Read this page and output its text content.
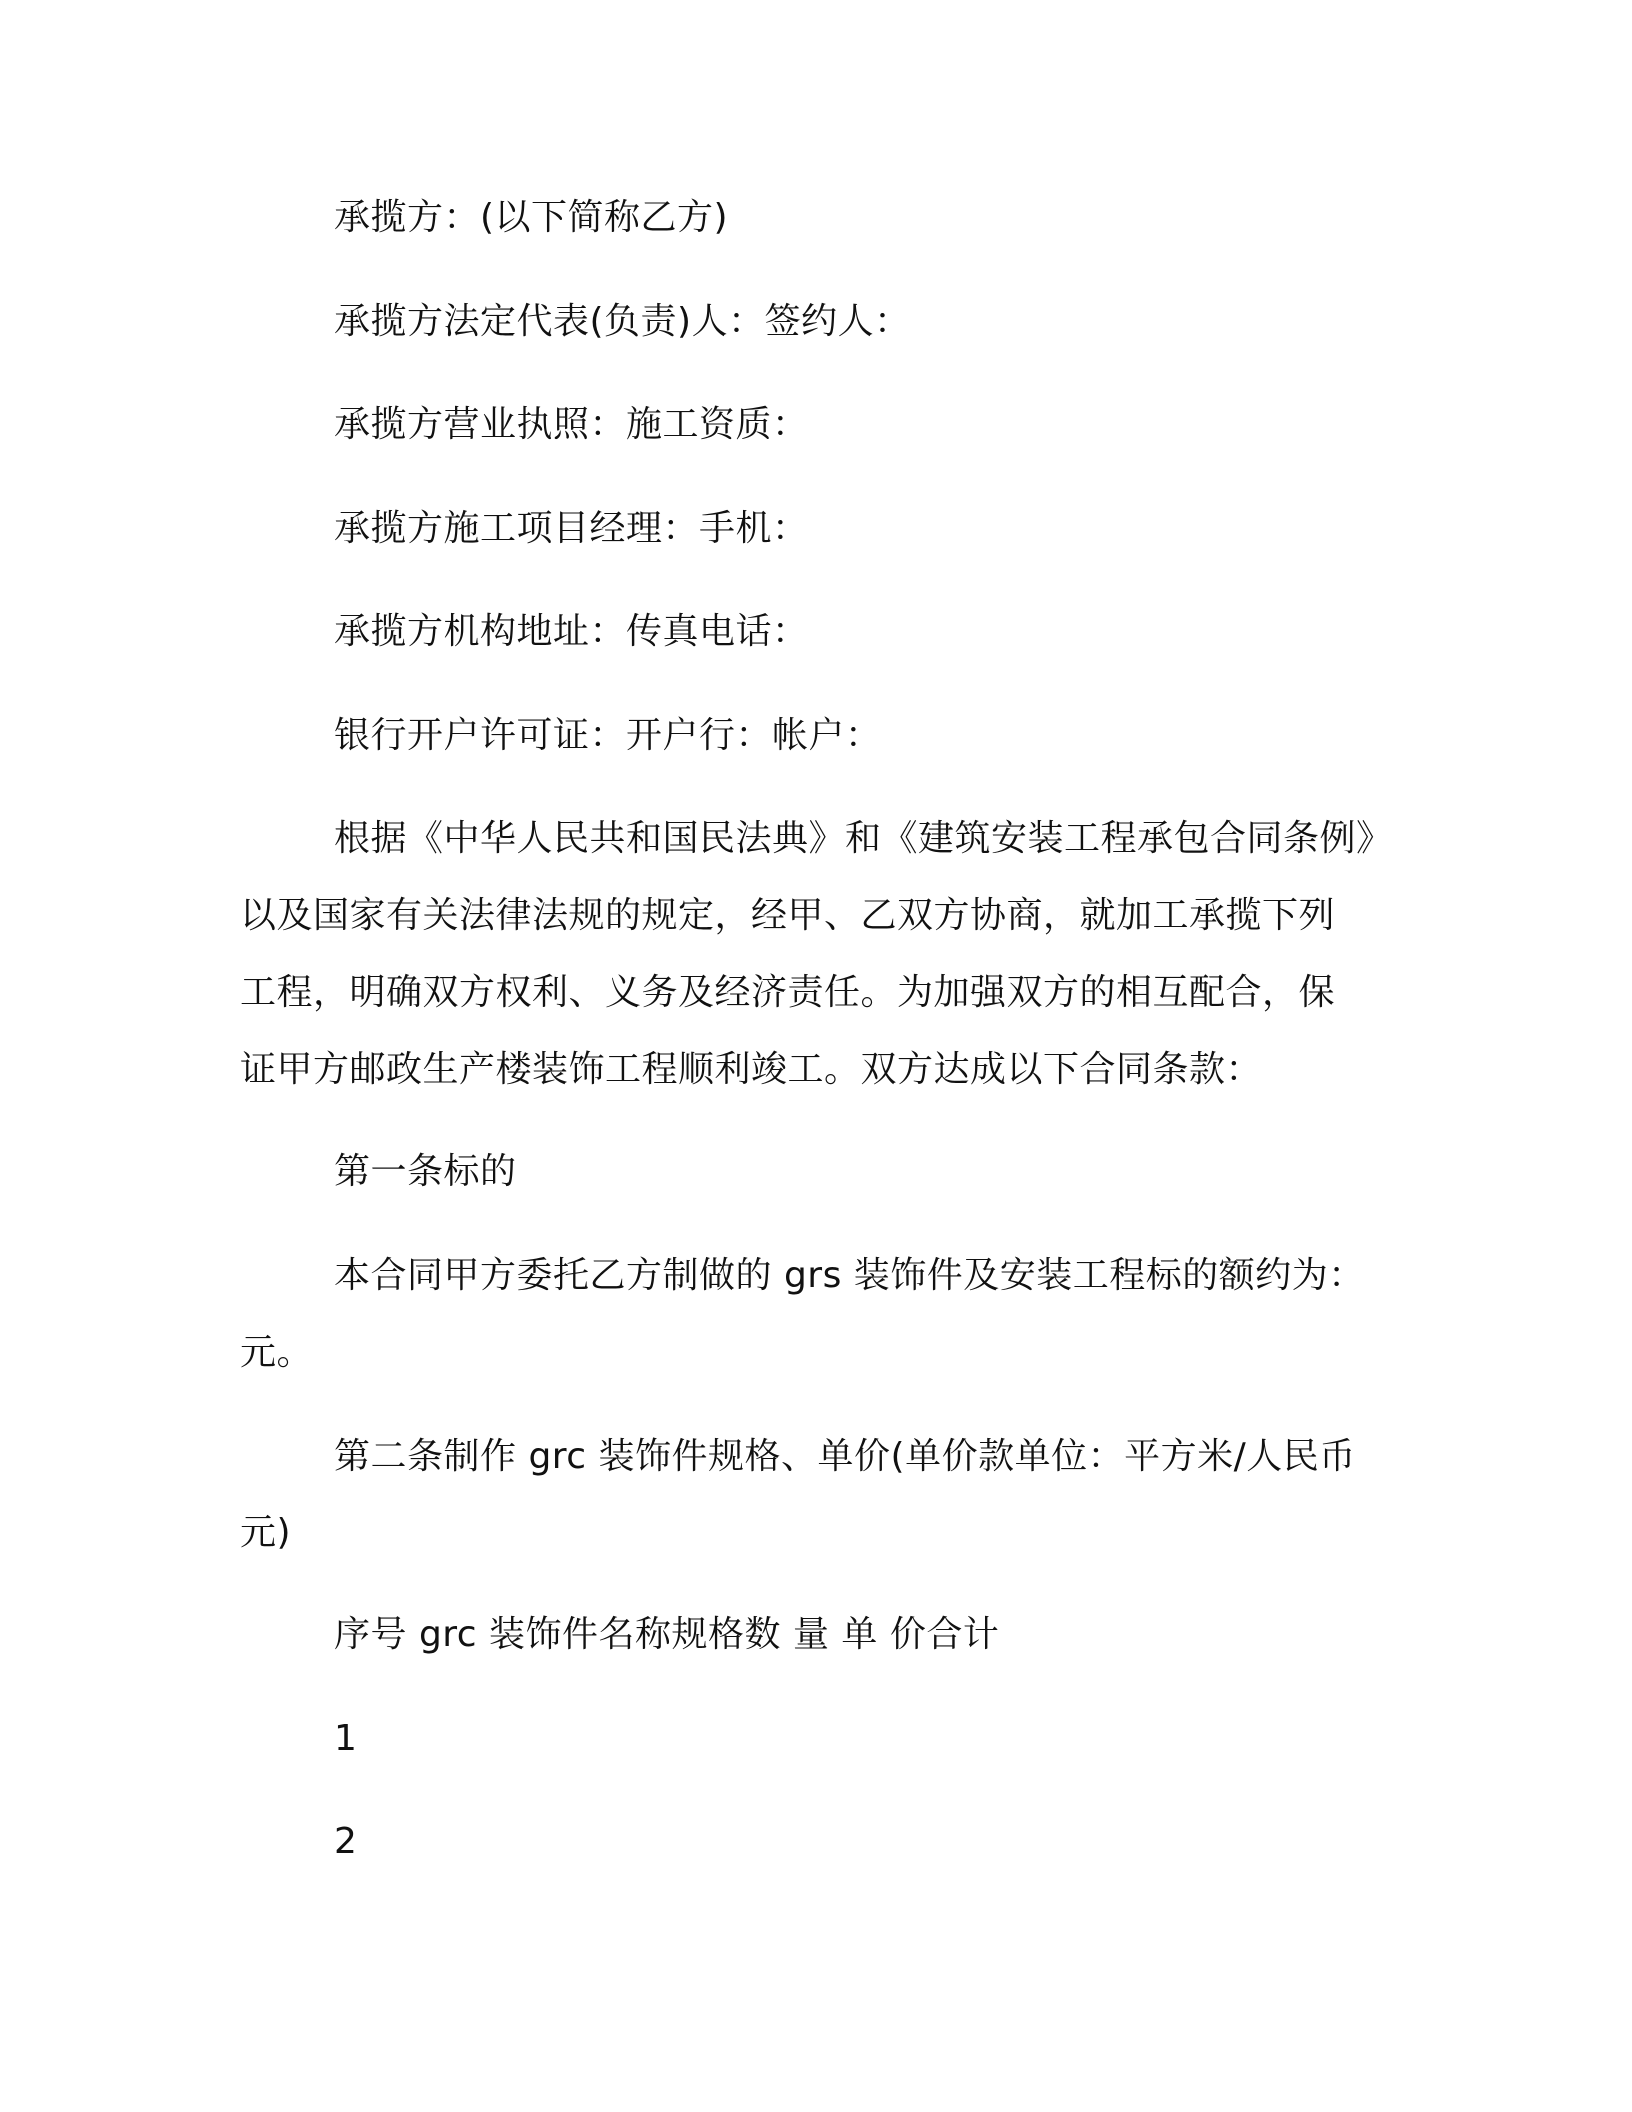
承揽方：(以下简称乙方)
承揽方法定代表(负责)人：签约人：
承揽方营业执照：施工资质：
承揽方施工项目经理：手机：
承揽方机构地址：传真电话：
银行开户许可证：开户行：帐户：
根据《中华人民共和国民法典》和《建筑安装工程承包合同条例》
以及国家有关法律法规的规定，经甲、乙双方协商，就加工承揽下列
工程，明确双方权利、义务及经济责任。为加强双方的相互配合，保
证甲方邮政生产楼装饰工程顺利竣工。双方达成以下合同条款：
第一条标的
本合同甲方委托乙方制做的 grs 装饰件及安装工程标的额约为：
元。
第二条制作 grc 装饰件规格、单价(单价款单位：平方米/人民币
元)
序号 grc 装饰件名称规格数 量 单 价合计
1
2
